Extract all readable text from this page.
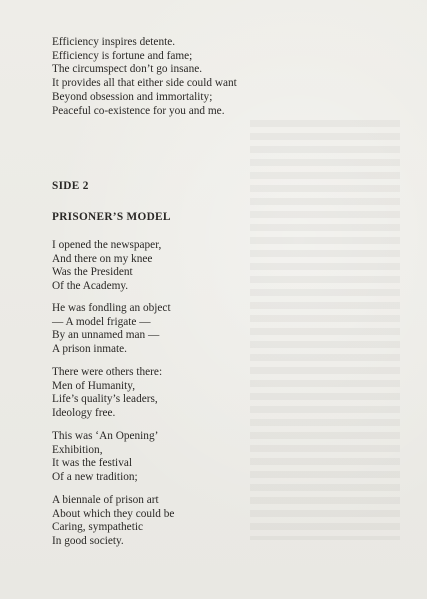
Efficiency inspires detente.
Efficiency is fortune and fame;
The circumspect don’t go insane.
It provides all that either side could want
Beyond obsession and immortality;
Peaceful co-existence for you and me.
SIDE 2
PRISONER’S MODEL
I opened the newspaper,
And there on my knee
Was the President
Of the Academy.
He was fondling an object
— A model frigate —
By an unnamed man —
A prison inmate.
There were others there:
Men of Humanity,
Life’s quality’s leaders,
Ideology free.
This was ‘An Opening’
Exhibition,
It was the festival
Of a new tradition;
A biennale of prison art
About which they could be
Caring, sympathetic
In good society.
